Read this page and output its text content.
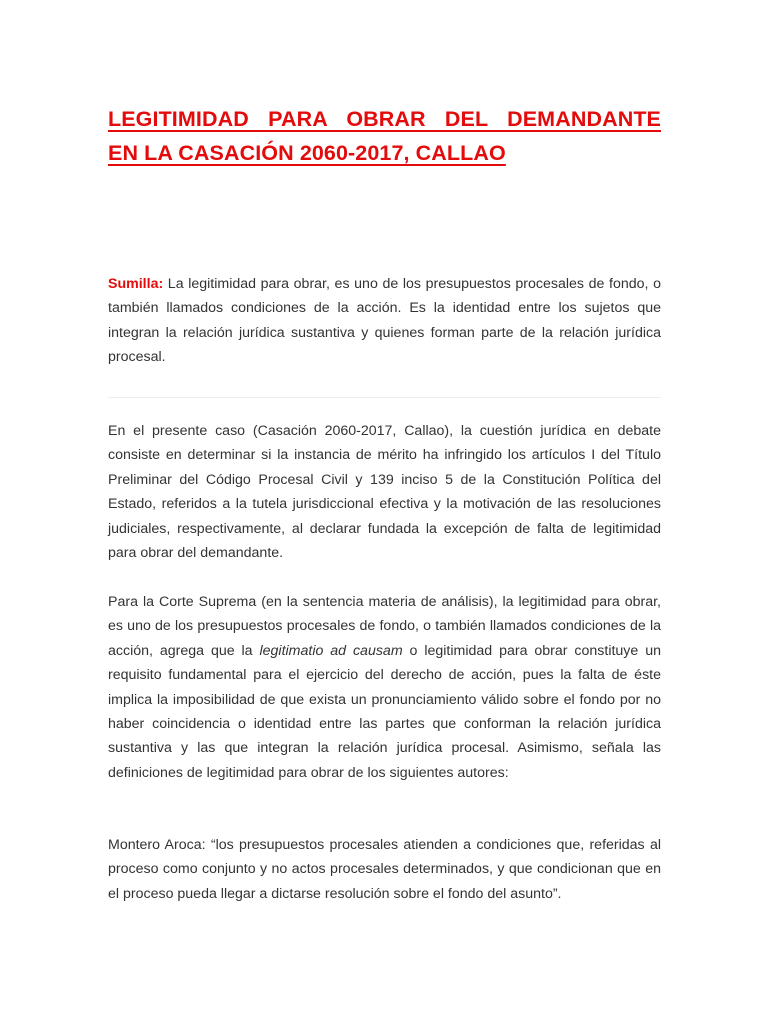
LEGITIMIDAD PARA OBRAR DEL DEMANDANTE
EN LA CASACIÓN 2060-2017, CALLAO

Sumilla: La legitimidad para obrar, es uno de los presupuestos procesales de fondo, o también llamados condiciones de la acción. Es la identidad entre los sujetos que integran la relación jurídica sustantiva y quienes forman parte de la relación jurídica procesal.

En el presente caso (Casación 2060-2017, Callao), la cuestión jurídica en debate consiste en determinar si la instancia de mérito ha infringido los artículos I del Título Preliminar del Código Procesal Civil y 139 inciso 5 de la Constitución Política del Estado, referidos a la tutela jurisdiccional efectiva y la motivación de las resoluciones judiciales, respectivamente, al declarar fundada la excepción de falta de legitimidad para obrar del demandante.

Para la Corte Suprema (en la sentencia materia de análisis), la legitimidad para obrar, es uno de los presupuestos procesales de fondo, o también llamados condiciones de la acción, agrega que la legitimatio ad causam o legitimidad para obrar constituye un requisito fundamental para el ejercicio del derecho de acción, pues la falta de éste implica la imposibilidad de que exista un pronunciamiento válido sobre el fondo por no haber coincidencia o identidad entre las partes que conforman la relación jurídica sustantiva y las que integran la relación jurídica procesal. Asimismo, señala las definiciones de legitimidad para obrar de los siguientes autores:

Montero Aroca: “los presupuestos procesales atienden a condiciones que, referidas al proceso como conjunto y no actos procesales determinados, y que condicionan que en el proceso pueda llegar a dictarse resolución sobre el fondo del asunto”.
